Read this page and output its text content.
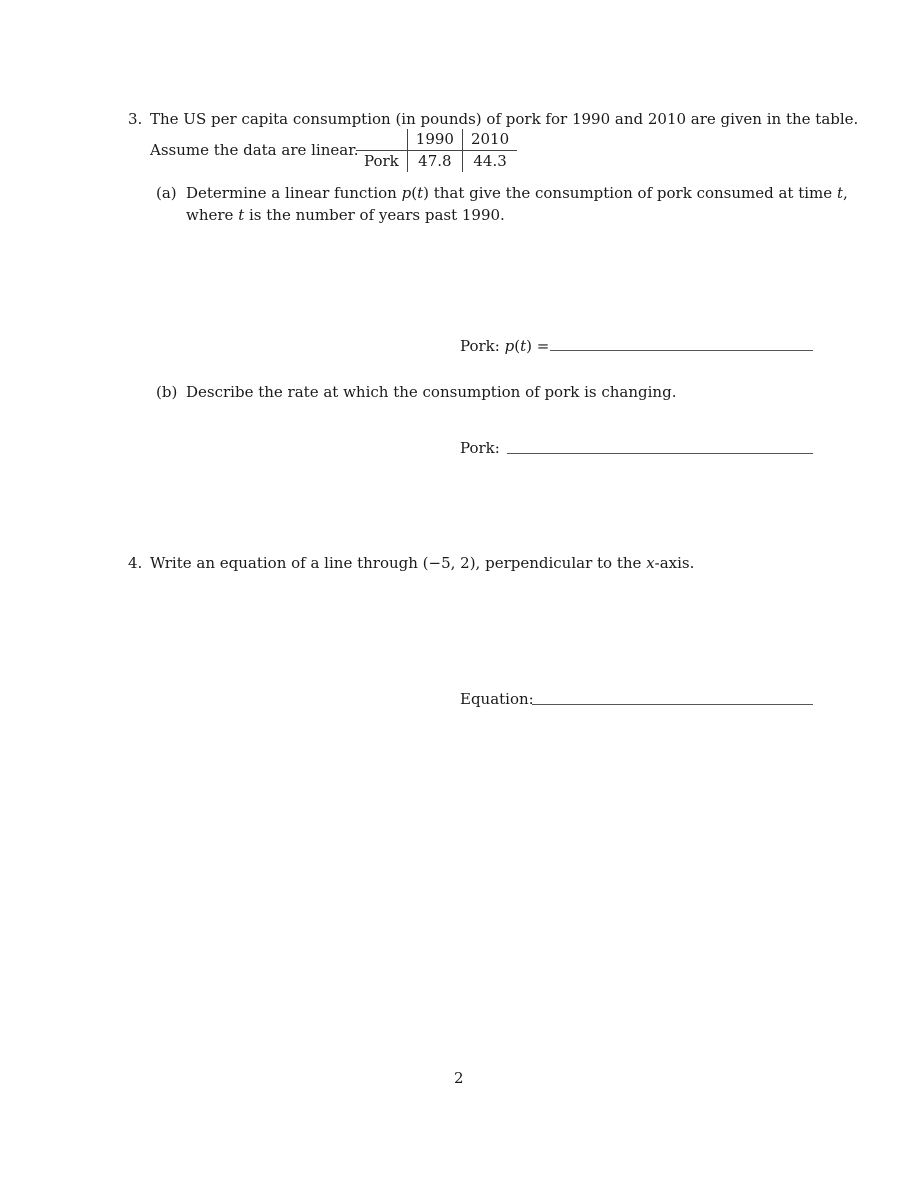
3. The US per capita consumption (in pounds) of pork for 1990 and 2010 are given in the table.
Assume the data are linear.
	1990	2010
Pork	47.8	44.3
(a) Determine a linear function p(t) that give the consumption of pork consumed at time t,
where t is the number of years past 1990.
Pork: p(t) =
(b) Describe the rate at which the consumption of pork is changing.
Pork:
4. Write an equation of a line through (−5, 2), perpendicular to the x-axis.
Equation:
2
